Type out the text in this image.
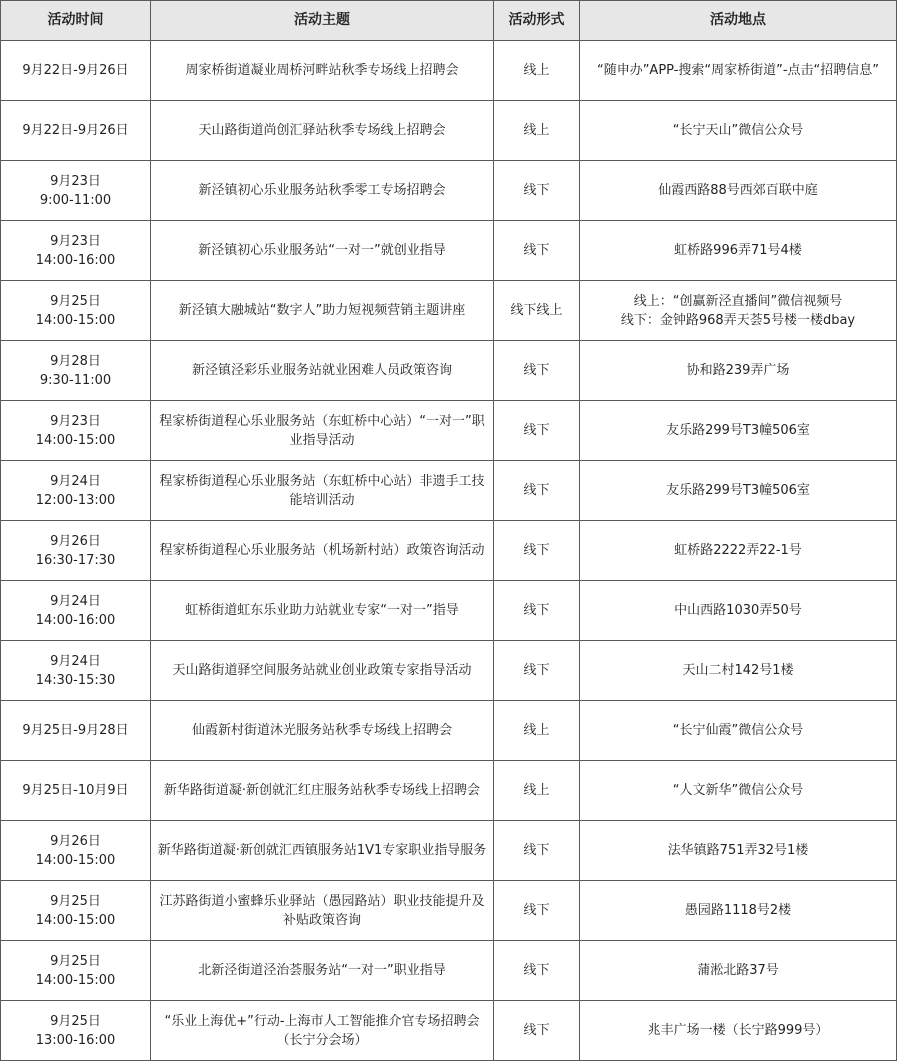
活动时间	活动主题	活动形式	活动地点

9月22日-9月26日	周家桥街道凝业周桥河畔站秋季专场线上招聘会	线上	“随申办”APP-搜索“周家桥街道”-点击“招聘信息”

9月22日-9月26日	天山路街道尚创汇驿站秋季专场线上招聘会	线上	“长宁天山”微信公众号

9月23日
9:00-11:00	新泾镇初心乐业服务站秋季零工专场招聘会	线下	仙霞西路88号西郊百联中庭

9月23日
14:00-16:00	新泾镇初心乐业服务站“一对一”就创业指导	线下	虹桥路996弄71号4楼

9月25日
14:00-15:00	新泾镇大融城站“数字人”助力短视频营销主题讲座	线下线上	线上：“创赢新泾直播间”微信视频号
线下：金钟路968弄天荟5号楼一楼dbay

9月28日
9:30-11:00	新泾镇泾彩乐业服务站就业困难人员政策咨询	线下	协和路239弄广场

9月23日
14:00-15:00	程家桥街道程心乐业服务站（东虹桥中心站）“一对一”职业指导活动	线下	友乐路299号T3幢506室

9月24日
12:00-13:00	程家桥街道程心乐业服务站（东虹桥中心站）非遗手工技能培训活动	线下	友乐路299号T3幢506室

9月26日
16:30-17:30	程家桥街道程心乐业服务站（机场新村站）政策咨询活动	线下	虹桥路2222弄22-1号

9月24日
14:00-16:00	虹桥街道虹东乐业助力站就业专家“一对一”指导	线下	中山西路1030弄50号

9月24日
14:30-15:30	天山路街道驿空间服务站就业创业政策专家指导活动	线下	天山二村142号1楼

9月25日-9月28日	仙霞新村街道沐光服务站秋季专场线上招聘会	线上	“长宁仙霞”微信公众号

9月25日-10月9日	新华路街道凝·新创就汇红庄服务站秋季专场线上招聘会	线上	“人文新华”微信公众号

9月26日
14:00-15:00	新华路街道凝·新创就汇西镇服务站1V1专家职业指导服务	线下	法华镇路751弄32号1楼

9月25日
14:00-15:00	江苏路街道小蜜蜂乐业驿站（愚园路站）职业技能提升及补贴政策咨询	线下	愚园路1118号2楼

9月25日
14:00-15:00	北新泾街道泾治荟服务站“一对一”职业指导	线下	蒲淞北路37号

9月25日
13:00-16:00	“乐业上海优+”行动-上海市人工智能推介官专场招聘会（长宁分会场）	线下	兆丰广场一楼（长宁路999号）
